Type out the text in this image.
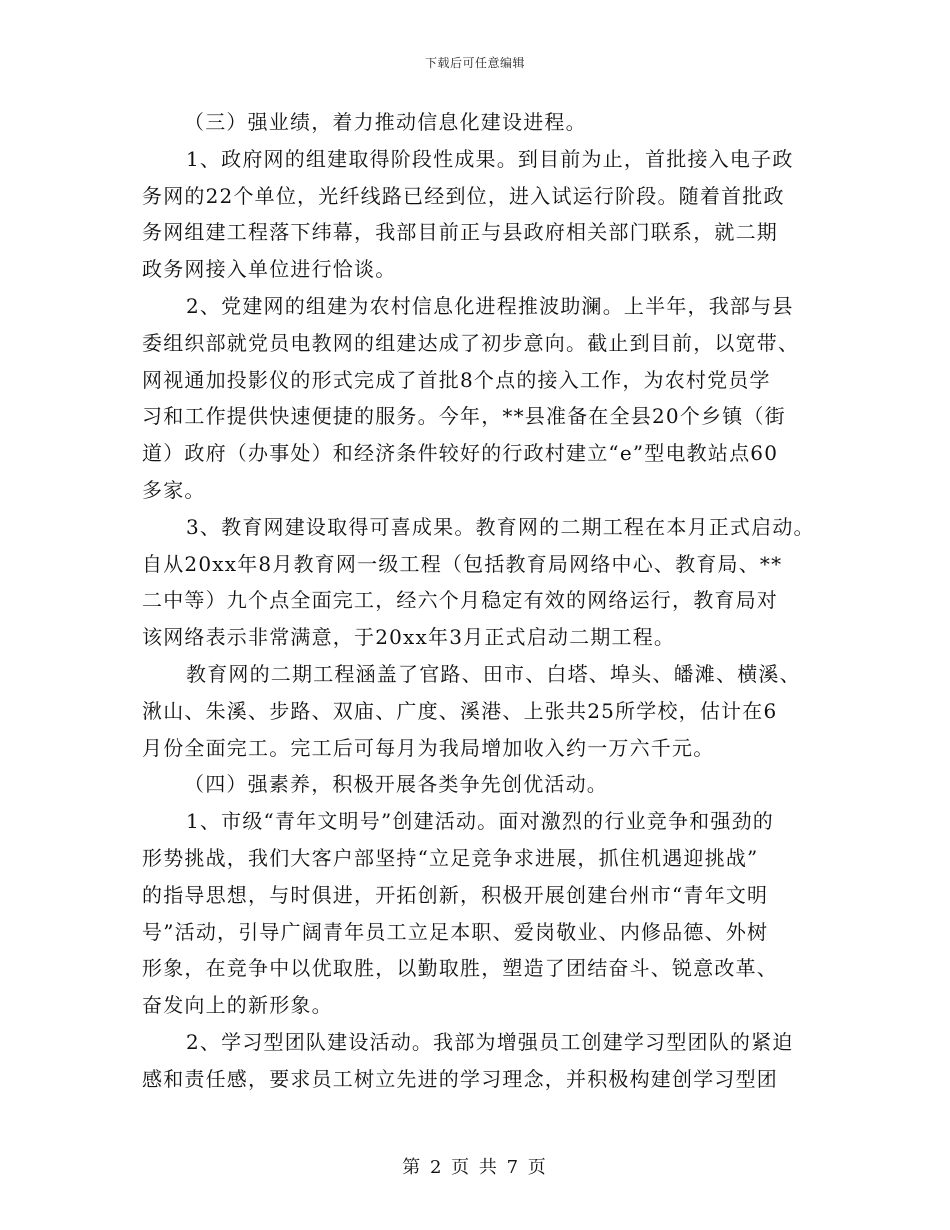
下载后可任意编辑
（三）强业绩，着力推动信息化建设进程。
1、政府网的组建取得阶段性成果。到目前为止，首批接入电子政
务网的22个单位，光纤线路已经到位，进入试运行阶段。随着首批政
务网组建工程落下纬幕，我部目前正与县政府相关部门联系，就二期
政务网接入单位进行恰谈。
2、党建网的组建为农村信息化进程推波助澜。上半年，我部与县
委组织部就党员电教网的组建达成了初步意向。截止到目前，以宽带、
网视通加投影仪的形式完成了首批8个点的接入工作，为农村党员学
习和工作提供快速便捷的服务。今年，**县准备在全县20个乡镇（街
道）政府（办事处）和经济条件较好的行政村建立“e”型电教站点60
多家。
3、教育网建设取得可喜成果。教育网的二期工程在本月正式启动。
自从20xx年8月教育网一级工程（包括教育局网络中心、教育局、**
二中等）九个点全面完工，经六个月稳定有效的网络运行，教育局对
该网络表示非常满意，于20xx年3月正式启动二期工程。
教育网的二期工程涵盖了官路、田市、白塔、埠头、皤滩、横溪、
湫山、朱溪、步路、双庙、广度、溪港、上张共25所学校，估计在6
月份全面完工。完工后可每月为我局增加收入约一万六千元。
（四）强素养，积极开展各类争先创优活动。
1、市级“青年文明号”创建活动。面对激烈的行业竞争和强劲的
形势挑战，我们大客户部坚持“立足竞争求进展，抓住机遇迎挑战”
的指导思想，与时俱进，开拓创新，积极开展创建台州市“青年文明
号”活动，引导广阔青年员工立足本职、爱岗敬业、内修品德、外树
形象，在竞争中以优取胜，以勤取胜，塑造了团结奋斗、锐意改革、
奋发向上的新形象。
2、学习型团队建设活动。我部为增强员工创建学习型团队的紧迫
感和责任感，要求员工树立先进的学习理念，并积极构建创学习型团
第 2 页 共 7 页
